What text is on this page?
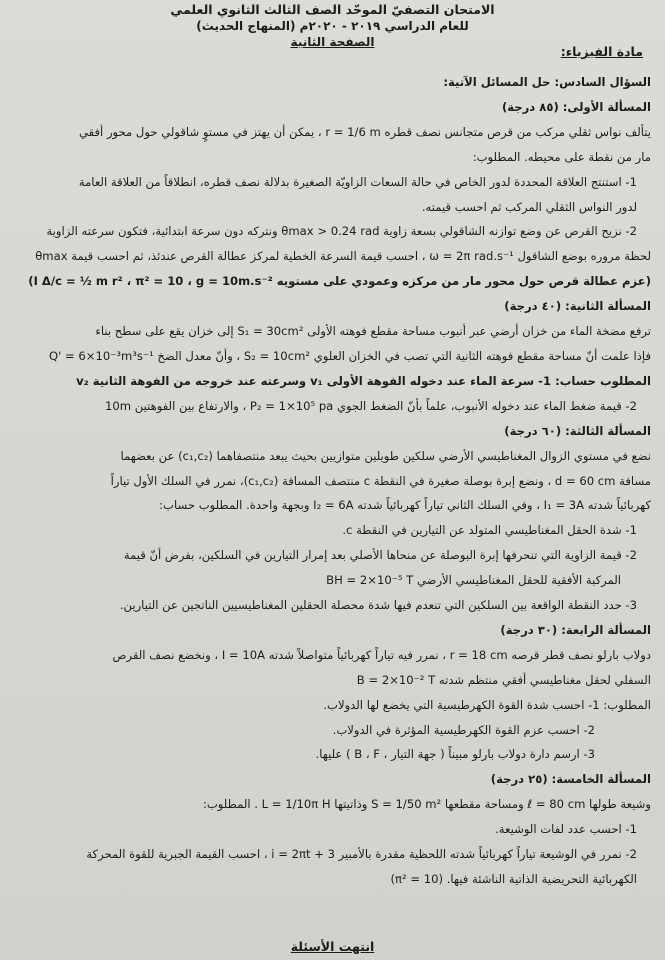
الامتحان التصفيّ الموحّد الصف الثالث الثانوي العلمي
للعام الدراسي ٢٠١٩ - ٢٠٢٠م (المنهاج الحديث)
الصفحة الثانية
مادة الفيزياء:
السؤال السادس: حل المسائل الآتية:
المسألة الأولى: (٨٥ درجة)
يتألف نواس ثقلي مركب من قرص متجانس نصف قطره r = 1/6 m ، يمكن أن يهتز في مستوٍ شاقولي حول محور أفقي
مار من نقطة على محيطه. المطلوب:
1- استنتج العلاقة المحددة لدور الخاص في حالة السعات الزاويّة الصغيرة بدلالة نصف قطره، انطلاقاً من العلاقة العامة
لدور النواس الثقلي المركب ثم احسب قيمته.
2- نزيح القرص عن وضع توازنه الشاقولي بسعة زاوية θmax > 0.24 rad ونتركه دون سرعة ابتدائية، فتكون سرعته الزاوية
لحظة مروره بوضع الشاقول ω = 2π rad.s⁻¹ ، احسب قيمة السرعة الخطية لمركز عطالة القرص عندئذ، ثم احسب قيمة θmax
(عزم عطالة قرص حول محور مار من مركزه وعمودي على مستويه I Δ/c = ½ m r² ، π² = 10 ، g = 10m.s⁻²)
المسألة الثانية: (٤٠ درجة)
ترفع مضخة الماء من خزان أرضي عبر أنبوب مساحة مقطع فوهته الأولى S₁ = 30cm² إلى خزان يقع على سطح بناء
فإذا علمت أنّ مساحة مقطع فوهته الثانية التي تصب في الخزان العلوي S₂ = 10cm² ، وأنّ معدل الضخ Q' = 6×10⁻³m³s⁻¹
المطلوب حساب: 1- سرعة الماء عند دخوله الفوهة الأولى v₁ وسرعته عند خروجه من الفوهة الثانية v₂
2- قيمة ضغط الماء عند دخوله الأنبوب، علماً بأنّ الضغط الجوي P₂ = 1×10⁵ pa ، والارتفاع بين الفوهتين 10m
المسألة الثالثة: (٦٠ درجة)
نضع في مستوي الزوال المغناطيسي الأرضي سلكين طويلين متوازيين بحيث يبعد منتصفاهما (c₁,c₂) عن بعضهما
مسافة d = 60 cm ، ونضع إبرة بوصلة صغيرة في النقطة c منتصف المسافة (c₁,c₂)، نمرر في السلك الأول تياراً
كهربائياً شدته I₁ = 3A ، وفي السلك الثاني تياراً كهربائياً شدته I₂ = 6A وبجهة واحدة. المطلوب حساب:
1- شدة الحقل المغناطيسي المتولد عن التيارين في النقطة c.
2- قيمة الزاوية التي تنحرفها إبرة البوصلة عن منحاها الأصلي بعد إمرار التيارين في السلكين، بفرض أنّ قيمة
المركبة الأفقية للحقل المغناطيسي الأرضي BH = 2×10⁻⁵ T
3- حدد النقطة الواقعة بين السلكين التي تنعدم فيها شدة محصلة الحقلين المغناطيسيين الناتجين عن التيارين.
المسألة الرابعة: (٣٠ درجة)
دولاب بارلو نصف قطر قرصه r = 18 cm ، نمرر فيه تياراً كهربائياً متواصلاً شدته I = 10A ، ونخضع نصف القرص
السفلي لحقل مغناطيسي أفقي منتظم شدته B = 2×10⁻² T
المطلوب: 1- احسب شدة القوة الكهرطيسية التي يخضع لها الدولاب.
2- احسب عزم القوة الكهرطيسية المؤثرة في الدولاب.
3- ارسم دارة دولاب بارلو مبيناً ( جهة التيار ، B ، F ) عليها.
المسألة الخامسة: (٢٥ درجة)
وشيعة طولها ℓ = 80 cm ومساحة مقطعها S = 1/50 m² وذاتيتها L = 1/10π H . المطلوب:
1- احسب عدد لفات الوشيعة.
2- نمرر في الوشيعة تياراً كهربائياً شدته اللحظية مقدرة بالأمبير i = 2πt + 3 ، احسب القيمة الجبرية للقوة المحركة
الكهربائية التحريضية الذاتية الناشئة فيها. (π² = 10)
انتهت الأسئلة
